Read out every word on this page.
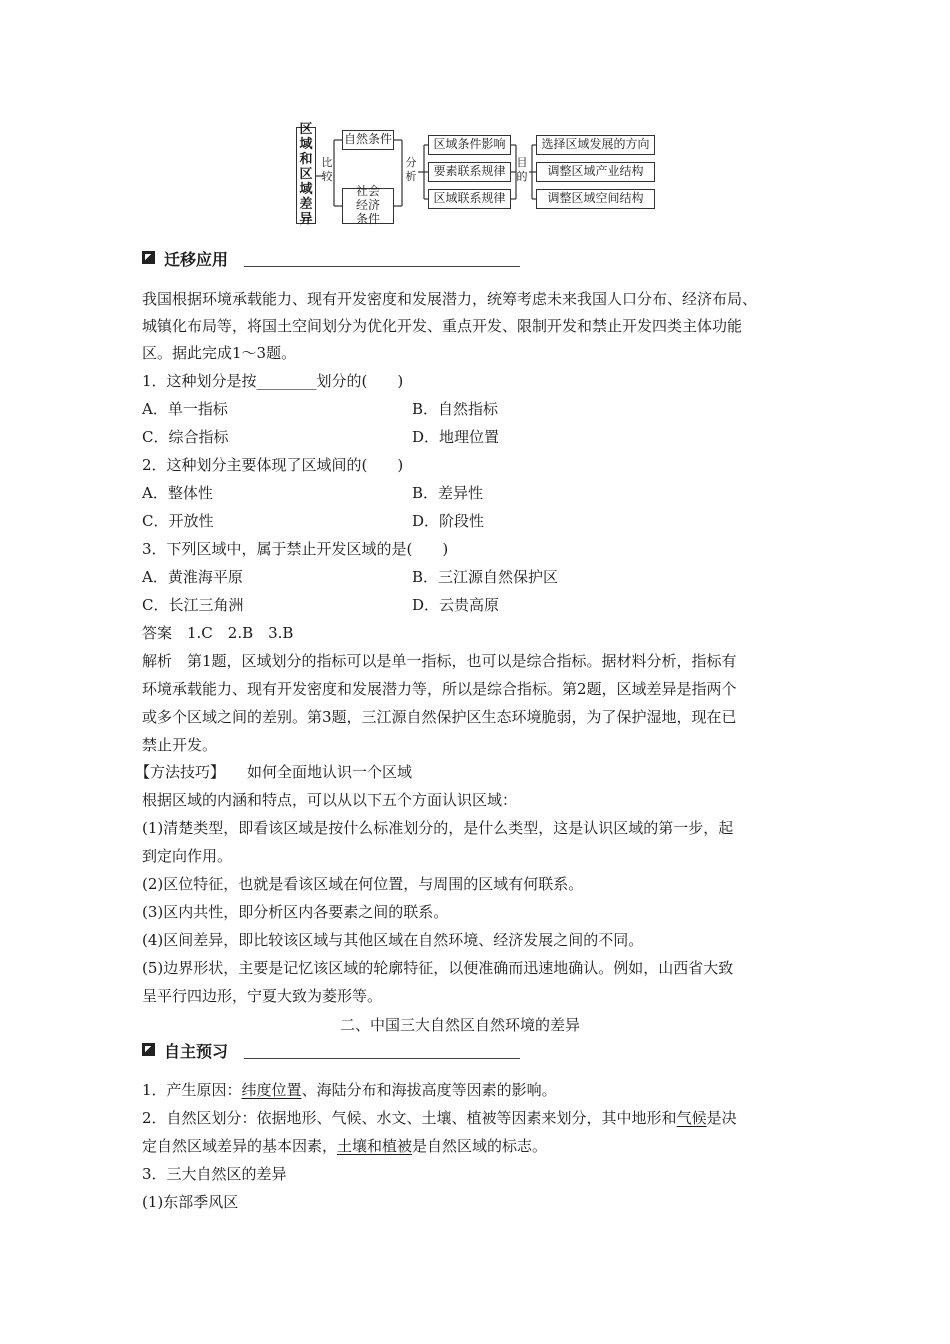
区域和区域差异
比较
自然条件
社会经济条件
分析
区域条件影响
要素联系规律
区域联系规律
目的
选择区域发展的方向
调整区域产业结构
调整区域空间结构
迁移应用
我国根据环境承载能力、现有开发密度和发展潜力，统筹考虑未来我国人口分布、经济布局、
城镇化布局等，将国土空间划分为优化开发、重点开发、限制开发和禁止开发四类主体功能
区。据此完成1～3题。
1．这种划分是按________划分的(　　)
A．单一指标	B．自然指标
C．综合指标	D．地理位置
2．这种划分主要体现了区域间的(　　)
A．整体性	B．差异性
C．开放性	D．阶段性
3．下列区域中，属于禁止开发区域的是(　　)
A．黄淮海平原	B．三江源自然保护区
C．长江三角洲	D．云贵高原
答案　1.C　2.B　3.B
解析　第1题，区域划分的指标可以是单一指标，也可以是综合指标。据材料分析，指标有
环境承载能力、现有开发密度和发展潜力等，所以是综合指标。第2题，区域差异是指两个
或多个区域之间的差别。第3题，三江源自然保护区生态环境脆弱，为了保护湿地，现在已
禁止开发。
【方法技巧】 如何全面地认识一个区域
根据区域的内涵和特点，可以从以下五个方面认识区域：
(1)清楚类型，即看该区域是按什么标准划分的，是什么类型，这是认识区域的第一步，起
到定向作用。
(2)区位特征，也就是看该区域在何位置，与周围的区域有何联系。
(3)区内共性，即分析区内各要素之间的联系。
(4)区间差异，即比较该区域与其他区域在自然环境、经济发展之间的不同。
(5)边界形状，主要是记忆该区域的轮廓特征，以便准确而迅速地确认。例如，山西省大致
呈平行四边形，宁夏大致为菱形等。
二、中国三大自然区自然环境的差异
自主预习
1．产生原因：纬度位置、海陆分布和海拔高度等因素的影响。
2．自然区划分：依据地形、气候、水文、土壤、植被等因素来划分，其中地形和气候是决
定自然区域差异的基本因素，土壤和植被是自然区域的标志。
3．三大自然区的差异
(1)东部季风区
